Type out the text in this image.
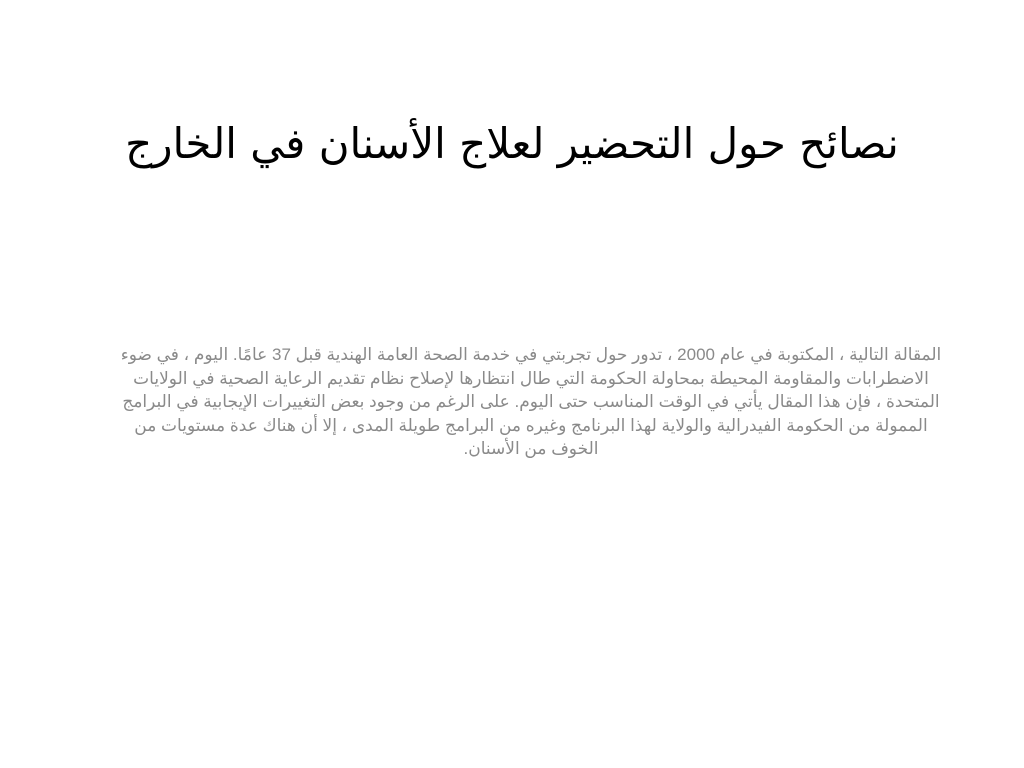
نصائح حول التحضير لعلاج الأسنان في الخارج

المقالة التالية ، المكتوبة في عام 2000 ، تدور حول تجربتي في خدمة الصحة العامة الهندية قبل 37 عامًا. اليوم ، في ضوء الاضطرابات والمقاومة المحيطة بمحاولة الحكومة التي طال انتظارها لإصلاح نظام تقديم الرعاية الصحية في الولايات المتحدة ، فإن هذا المقال يأتي في الوقت المناسب حتى اليوم. على الرغم من وجود بعض التغييرات الإيجابية في البرامج الممولة من الحكومة الفيدرالية والولاية لهذا البرنامج وغيره من البرامج طويلة المدى ، إلا أن هناك عدة مستويات من الخوف من الأسنان.
